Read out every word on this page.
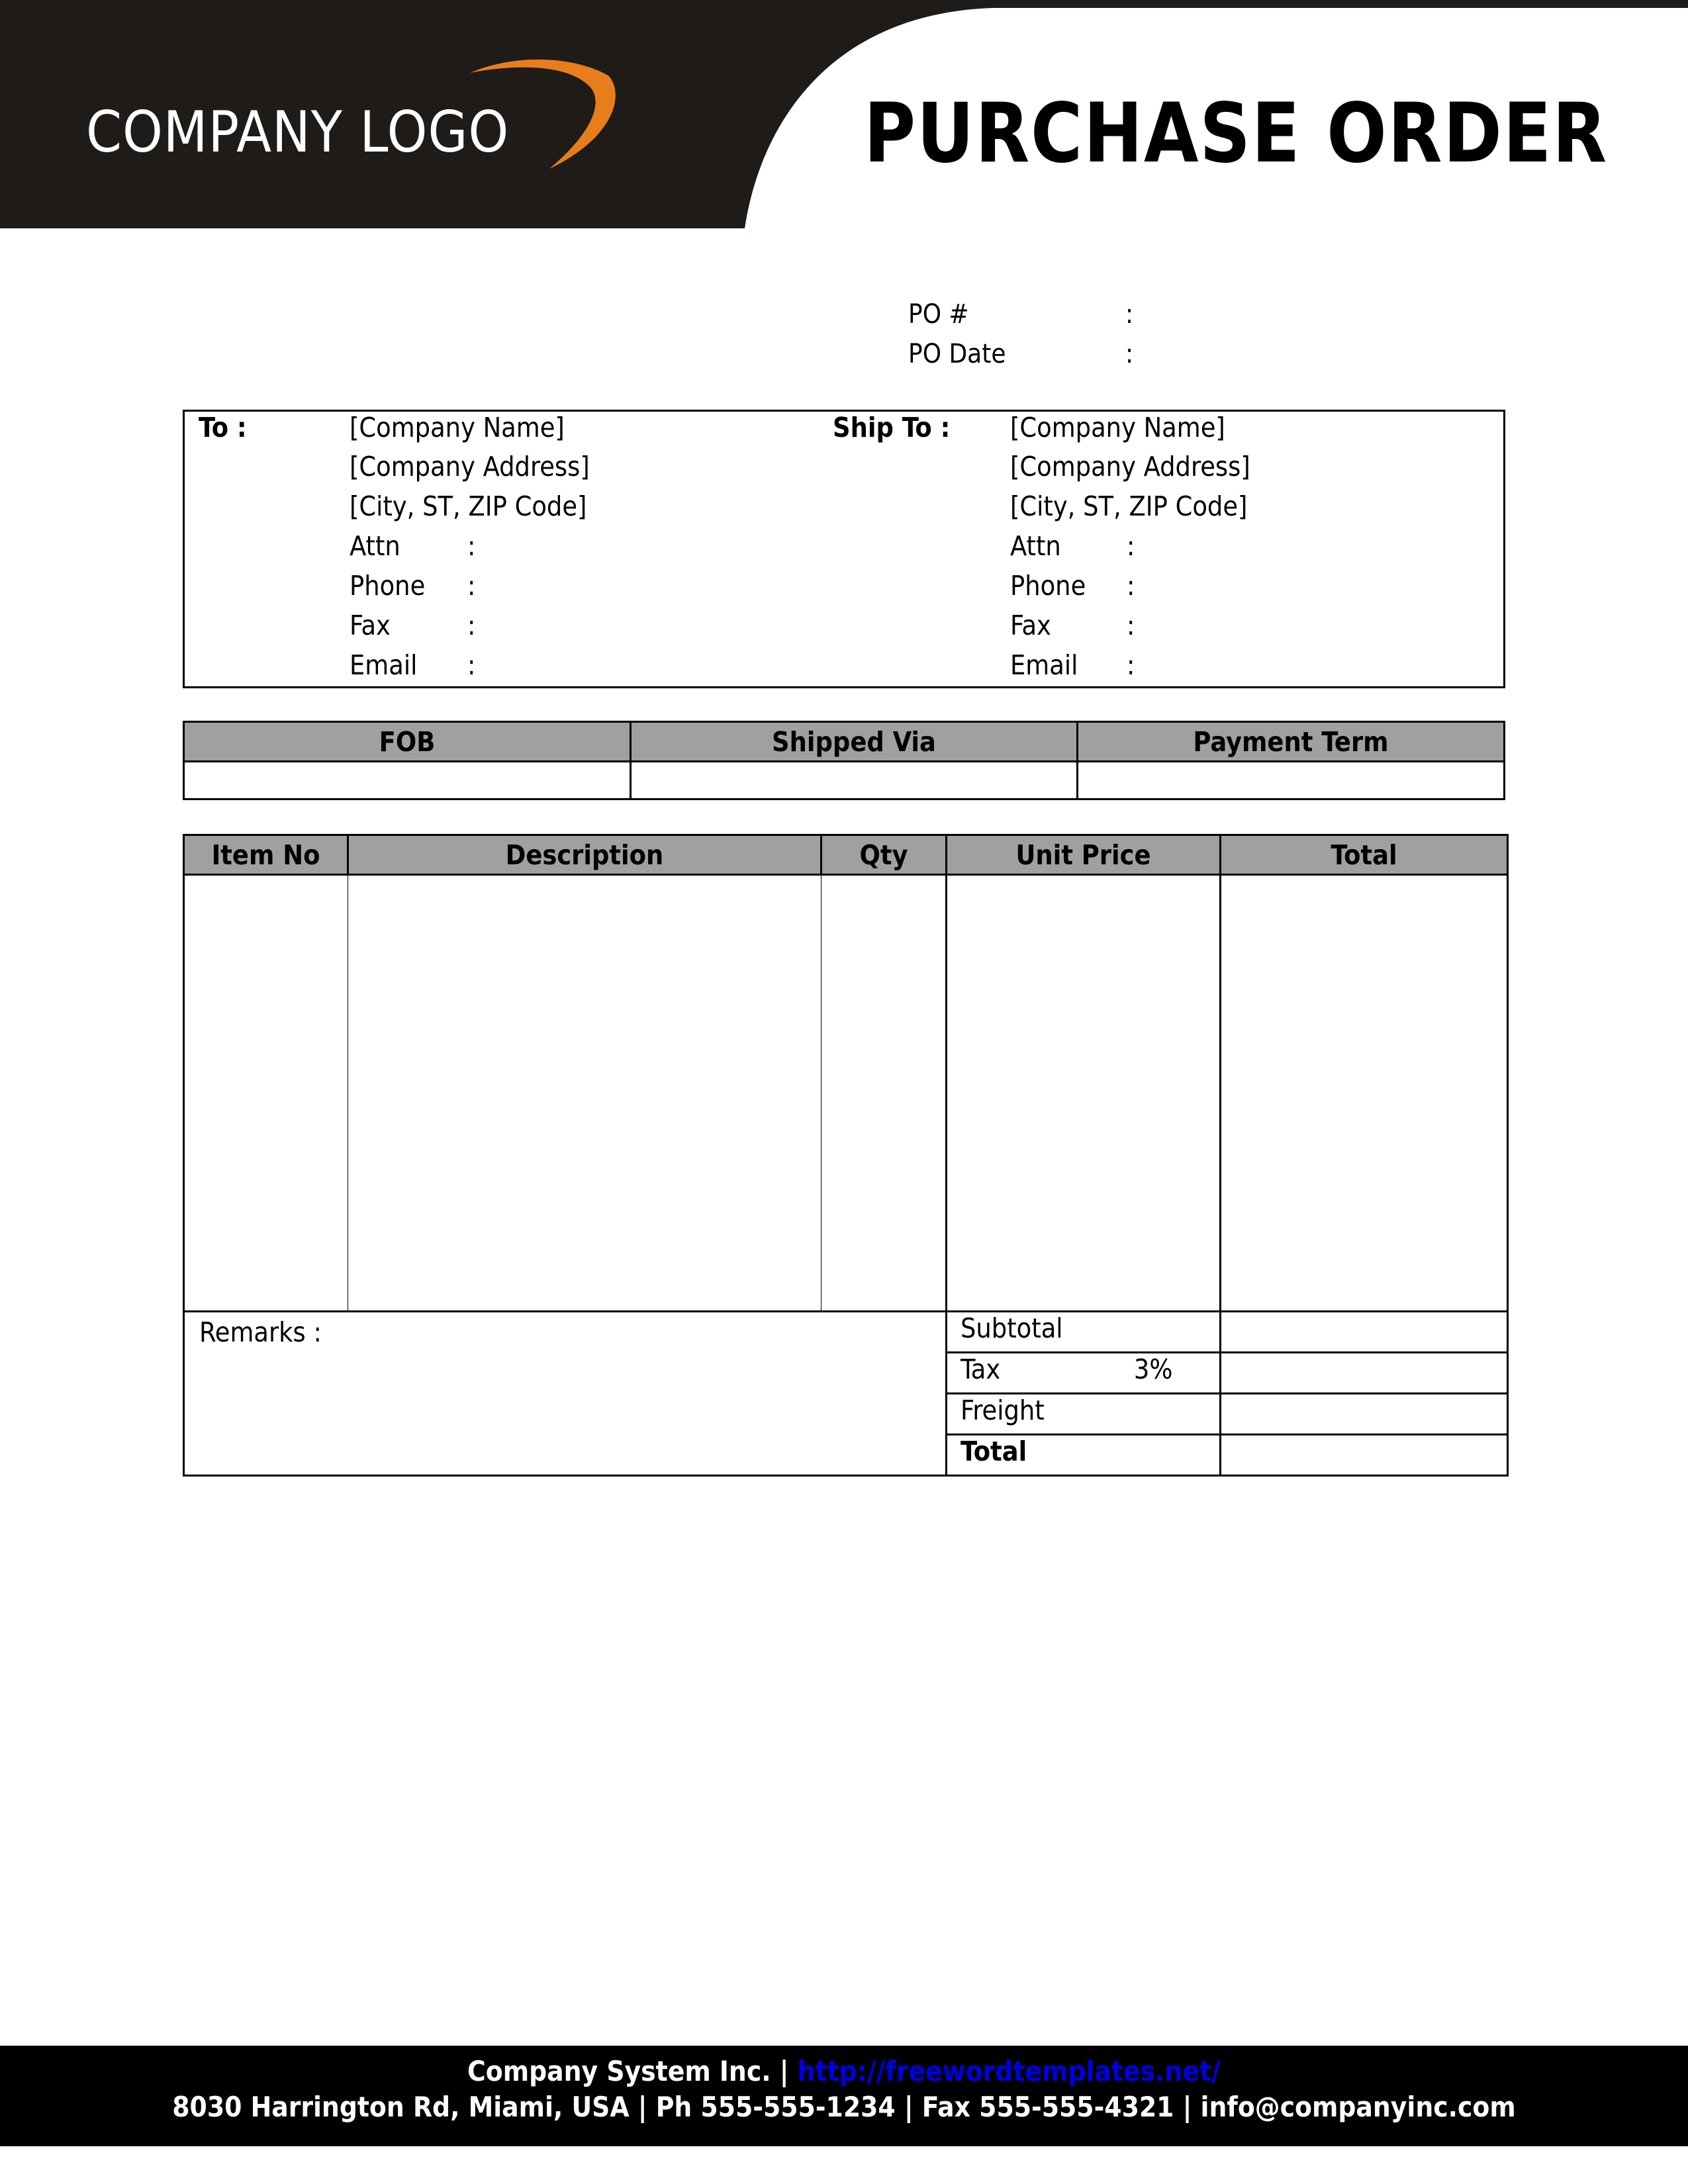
COMPANY LOGO	PURCHASE ORDER
PO #	:
PO Date	:
To :	[Company Name]
[Company Address]
[City, ST, ZIP Code]
Attn :
Phone :
Fax	:
Email :
Ship To : [Company Name]
[Company Address]
[City, ST, ZIP Code]
Attn :
Phone :
Fax	:
Email :
FOB	Shipped Via	Payment Term

Item No	Description	Qty	Unit Price	Total

Remarks :			Subtotal	
			Tax 3%	
			Freight	
			Total	
Company System Inc. | http://freewordtemplates.net/
8030 Harrington Rd, Miami, USA | Ph 555-555-1234 | Fax 555-555-4321 | info@companyinc.com
